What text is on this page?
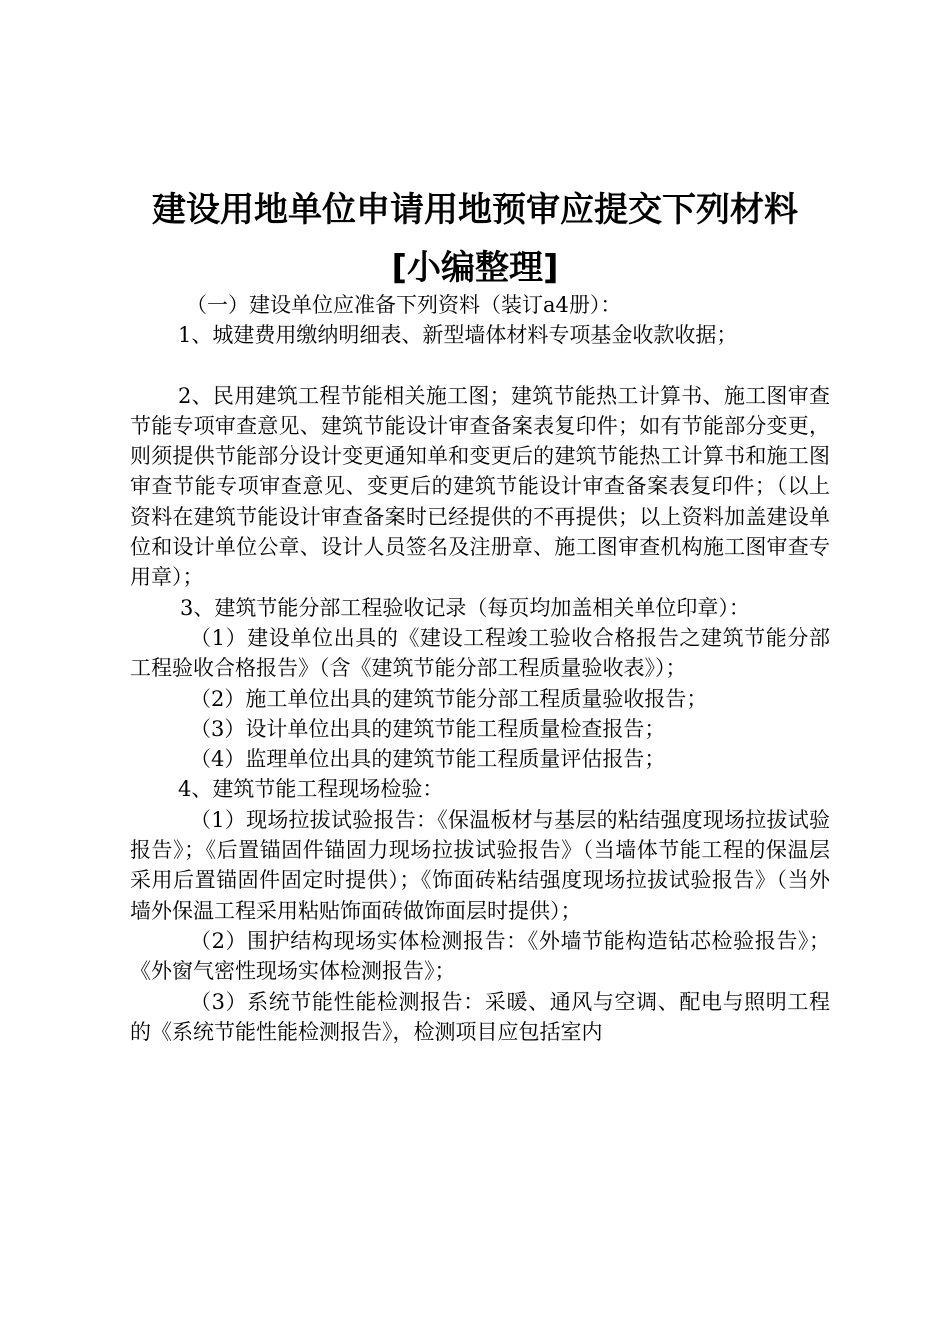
建设用地单位申请用地预审应提交下列材料
[小编整理]

（一）建设单位应准备下列资料（装订a4册）：

1、城建费用缴纳明细表、新型墙体材料专项基金收款收据；

2、民用建筑工程节能相关施工图；建筑节能热工计算书、施工图审查节能专项审查意见、建筑节能设计审查备案表复印件；如有节能部分变更，则须提供节能部分设计变更通知单和变更后的建筑节能热工计算书和施工图审查节能专项审查意见、变更后的建筑节能设计审查备案表复印件；（以上资料在建筑节能设计审查备案时已经提供的不再提供；以上资料加盖建设单位和设计单位公章、设计人员签名及注册章、施工图审查机构施工图审查专用章）；

3、建筑节能分部工程验收记录（每页均加盖相关单位印章）：

（1）建设单位出具的《建设工程竣工验收合格报告之建筑节能分部工程验收合格报告》（含《建筑节能分部工程质量验收表》）；

（2）施工单位出具的建筑节能分部工程质量验收报告；

（3）设计单位出具的建筑节能工程质量检查报告；

（4）监理单位出具的建筑节能工程质量评估报告；

4、建筑节能工程现场检验：

（1）现场拉拔试验报告：《保温板材与基层的粘结强度现场拉拔试验报告》；《后置锚固件锚固力现场拉拔试验报告》（当墙体节能工程的保温层采用后置锚固件固定时提供）；《饰面砖粘结强度现场拉拔试验报告》（当外墙外保温工程采用粘贴饰面砖做饰面层时提供）；

（2）围护结构现场实体检测报告：《外墙节能构造钻芯检验报告》；《外窗气密性现场实体检测报告》；

（3）系统节能性能检测报告：采暖、通风与空调、配电与照明工程的《系统节能性能检测报告》，检测项目应包括室内
